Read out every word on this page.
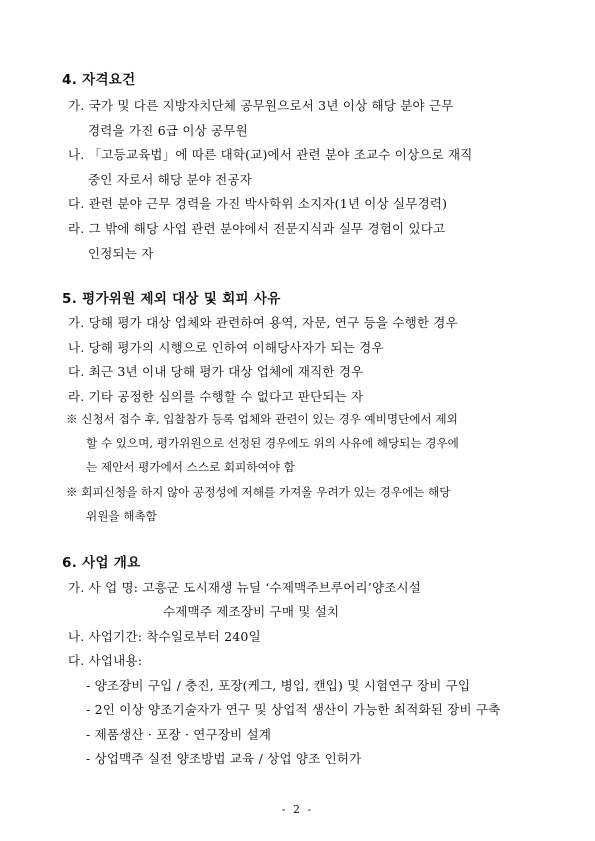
4. 자격요건
가. 국가 및 다른 지방자치단체 공무원으로서 3년 이상 해당 분야 근무
경력을 가진 6급 이상 공무원
나. 「고등교육법」에 따른 대학(교)에서 관련 분야 조교수 이상으로 재직
중인 자로서 해당 분야 전공자
다. 관련 분야 근무 경력을 가진 박사학위 소지자(1년 이상 실무경력)
라. 그 밖에 해당 사업 관련 분야에서 전문지식과 실무 경험이 있다고
인정되는 자
5. 평가위원 제외 대상 및 회피 사유
가. 당해 평가 대상 업체와 관련하여 용역, 자문, 연구 등을 수행한 경우
나. 당해 평가의 시행으로 인하여 이해당사자가 되는 경우
다. 최근 3년 이내 당해 평가 대상 업체에 재직한 경우
라. 기타 공정한 심의를 수행할 수 없다고 판단되는 자
※ 신청서 접수 후, 입찰참가 등록 업체와 관련이 있는 경우 예비명단에서 제외
할 수 있으며, 평가위원으로 선정된 경우에도 위의 사유에 해당되는 경우에
는 제안서 평가에서 스스로 회피하여야 함
※ 회피신청을 하지 않아 공정성에 저해를 가져올 우려가 있는 경우에는 해당
위원을 해촉함
6. 사업 개요
가. 사 업 명: 고흥군 도시재생 뉴딜 ‘수제맥주브루어리’양조시설
수제맥주 제조장비 구매 및 설치
나. 사업기간: 착수일로부터 240일
다. 사업내용:
- 양조장비 구입 / 충진, 포장(케그, 병입, 캔입) 및 시험연구 장비 구입
- 2인 이상 양조기술자가 연구 및 상업적 생산이 가능한 최적화된 장비 구축
- 제품생산 · 포장 · 연구장비 설계
- 상업맥주 실전 양조방법 교육 / 상업 양조 인허가
- 2 -
